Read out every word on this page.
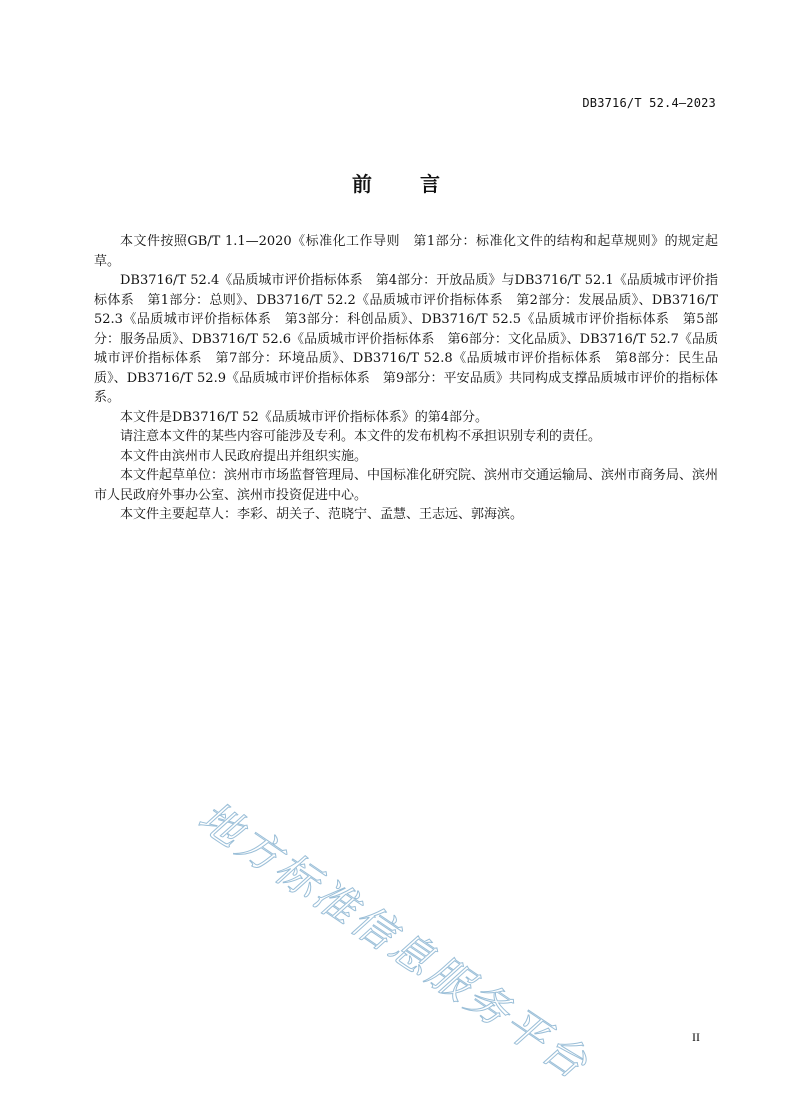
DB3716/T 52.4—2023
前 言

本文件按照GB/T 1.1—2020《标准化工作导则　第1部分：标准化文件的结构和起草规则》的规定起草。

DB3716/T 52.4《品质城市评价指标体系　第4部分：开放品质》与DB3716/T 52.1《品质城市评价指标体系　第1部分：总则》、DB3716/T 52.2《品质城市评价指标体系　第2部分：发展品质》、DB3716/T 52.3《品质城市评价指标体系　第3部分：科创品质》、DB3716/T 52.5《品质城市评价指标体系　第5部分：服务品质》、DB3716/T 52.6《品质城市评价指标体系　第6部分：文化品质》、DB3716/T 52.7《品质城市评价指标体系　第7部分：环境品质》、DB3716/T 52.8《品质城市评价指标体系　第8部分：民生品质》、DB3716/T 52.9《品质城市评价指标体系　第9部分：平安品质》共同构成支撑品质城市评价的指标体系。

本文件是DB3716/T 52《品质城市评价指标体系》的第4部分。

请注意本文件的某些内容可能涉及专利。本文件的发布机构不承担识别专利的责任。

本文件由滨州市人民政府提出并组织实施。

本文件起草单位：滨州市市场监督管理局、中国标准化研究院、滨州市交通运输局、滨州市商务局、滨州市人民政府外事办公室、滨州市投资促进中心。

本文件主要起草人：李彩、胡关子、范晓宁、孟慧、王志远、郭海滨。

地方标准信息服务平台	II
